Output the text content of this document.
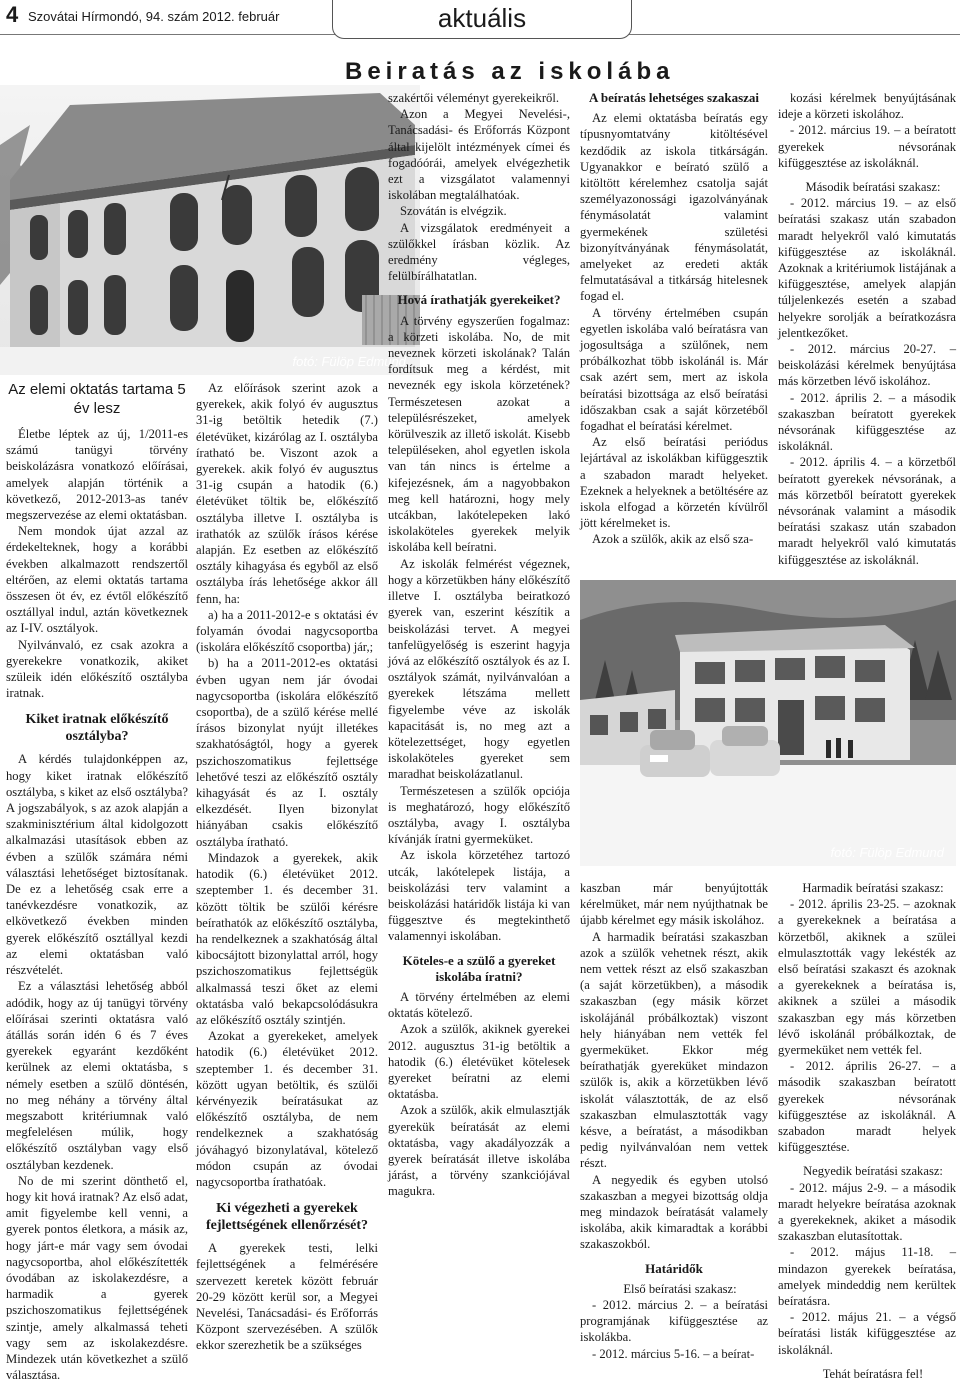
4 Szovátai Hírmondó, 94. szám 2012. február	aktuális
Beiratás az iskolába
fotó: Fülöp Edmund
Az elemi oktatás tartama 5 év lesz

Életbe léptek az új, 1/2011-es számú tanügyi törvény beiskolázásra vonatkozó előírásai, amelyek alapján történik a következő, 2012-2013-as tanév megszervezése az elemi oktatásban.

Nem mondok újat azzal az érdekelteknek, hogy a korábbi években alkalmazott rendszertől eltérően, az elemi oktatás tartama összesen öt év, ez évtől előkészítő osztállyal indul, aztán következnek az I-IV. osztályok.

Nyilvánvaló, ez csak azokra a gyerekekre vonatkozik, akiket szüleik idén előkészítő osztályba iratnak.

Kiket iratnak előkészítő osztályba?

A kérdés tulajdonképpen az, hogy kiket iratnak előkészítő osztályba, s kiket az első osztályba? A jogszabályok, s az azok alapján a szakminisztérium által kidolgozott alkalmazási utasítások ebben az évben a szülők számára némi választási lehetőséget biztosítanak. De ez a lehetőség csak erre a tanévkezdésre vonatkozik, az elkövetkező években minden gyerek előkészítő osztállyal kezdi az elemi oktatásban való részvételét.

Ez a választási lehetőség abból adódik, hogy az új tanügyi törvény előírásai szerinti oktatásra való átállás során idén 6 és 7 éves gyerekek egyaránt kezdőként kerülnek az elemi oktatásba, s némely esetben a szülő döntésén, no meg néhány a törvény által megszabott kritériumnak való megfelelésen múlik, hogy előkészítő osztályban vagy első osztályban kezdenek.

No de mi szerint dönthető el, hogy kit hová iratnak? Az első adat, amit figyelembe kell venni, a gyerek pontos életkora, a másik az, hogy járt-e már vagy sem óvodai nagycsoportba, ahol előkészítették óvodában az iskolakezdésre, a harmadik a gyerek pszichoszomatikus fejlettségének szintje, amely alkalmassá teheti vagy sem az iskolakezdésre. Mindezek után következhet a szülő választása.

Az előírások szerint azok a gyerekek, akik folyó év augusztus 31-ig betöltik hetedik (7.) életévüket, kizárólag az I. osztályba íratható be. Viszont azok a gyerekek. akik folyó év augusztus 31-ig csupán a hatodik (6.) életévüket töltik be, előkészítő osztályba illetve I. osztályba is irathatók az szülők írásos kérése alapján. Ez esetben az előkészítő osztály kihagyása és egyből az első osztályba írás lehetősége akkor áll fenn, ha:

a) ha a 2011-2012-e s oktatási év folyamán óvodai nagycsoportba (iskolára előkészítő csoportba) jár,;

b) ha a 2011-2012-es oktatási évben ugyan nem jár óvodai nagycsoportba (iskolára előkészítő csoportba), de a szülő kérése mellé írásos bizonylat nyújt illetékes szakhatóságtól, hogy a gyerek pszichoszomatikus fejlettsége lehetővé teszi az előkészítő osztály kihagyását és az I. osztály elkezdését. Ilyen bizonylat hiányában csakis előkészítő osztályba íratható.

Mindazok a gyerekek, akik hatodik (6.) életévüket 2012. szeptember 1. és december 31. között töltik be szülői kérésre beírathatók az előkészítő osztályba, ha rendelkeznek a szakhatóság által kibocsájtott bizonylattal arról, hogy pszichoszomatikus fejlettségük alkalmassá teszi őket az elemi oktatásba való bekapcsolódásukra az előkészítő osztály szintjén.

Azokat a gyerekeket, amelyek hatodik (6.) életévüket 2012. szeptember 1. és december 31. között ugyan betöltik, és szülői kérvényezik beíratásukat az előkészítő osztályba, de nem rendelkeznek a szakhatóság jóváhagyó bizonylatával, kötelező módon csupán az óvodai nagycsoportba írathatóak.

Ki végezheti a gyerekek fejlettségének ellenőrzését?

A gyerekek testi, lelki fejlettségének a felmérésére szervezett keretek között február 20-29 között kerül sor, a Megyei Nevelési, Tanácsadási- és Erőforrás Központ szervezésében. A szülők ekkor szerezhetik be a szükséges

szakértői véleményt gyerekeikről.

Azon a Megyei Nevelési-, Tanácsadási- és Erőforrás Központ által kijelölt intézmények címei és fogadóórái, amelyek elvégezhetik ezt a vizsgálatot valamennyi iskolában megtalálhatóak.

Szovátán is elvégzik.

A vizsgálatok eredményeit a szülőkkel írásban közlik. Az eredmény végleges, felülbírálhatatlan.

Hová írathatják gyerekeiket?

A törvény egyszerűen fogalmaz: a körzeti iskolába. No, de mit neveznek körzeti iskolának? Talán fordítsuk meg a kérdést, mit neveznék egy iskola körzetének? Természetesen azokat a településrészeket, amelyek körülveszik az illető iskolát. Kisebb településeken, ahol egyetlen iskola van tán nincs is értelme a kifejezésnek, ám a nagyobbakon meg kell határozni, hogy mely utcákban, lakótelepeken lakó iskolaköteles gyerekek melyik iskolába kell beíratni.

Az iskolák felmérést végeznek, hogy a körzetükben hány előkészítő illetve I. osztályba beiratkozó gyerek van, eszerint készítik a beiskolázási tervet. A megyei tanfelügyelőség is eszerint hagyja jóvá az előkészítő osztályok és az I. osztályok számát, nyilvánvalóan a gyerekek létszáma mellett figyelembe véve az iskolák kapacitását is, no meg azt a kötelezettséget, hogy egyetlen iskolaköteles gyereket sem maradhat beiskolázatlanul.

Természetesen a szülők opciója is meghatározó, hogy előkészítő osztályba, avagy I. osztályba kívánják íratni gyermeküket.

Az iskola körzetéhez tartozó utcák, lakótelepek listája, a beiskolázási terv valamint a beiskolázási határidők listája ki van függesztve és megtekinthető valamennyi iskolában.

Köteles-e a szülő a gyereket iskolába íratni?

A törvény értelmében az elemi oktatás kötelező.

Azok a szülők, akiknek gyerekei 2012. augusztus 31-ig betöltik a hatodik (6.) életévüket kötelesek gyereket beíratni az elemi oktatásba.

Azok a szülők, akik elmulasztják gyerekük beíratását az elemi oktatásba, vagy akadályozzák a gyerek beíratását illetve iskolába járást, a törvény szankciójával magukra.

A beíratás lehetséges szakaszai

Az elemi oktatásba beíratás egy típusnyomtatvány kitöltésével kezdődik az iskola titkárságán. Ugyanakkor e beírató szülő a kitöltött kérelemhez csatolja saját személyazonossági igazolványának fénymásolatát valamint gyermekének születési bizonyítványának fénymásolatát, amelyeket az eredeti akták felmutatásával a titkárság hitelesnek fogad el.

A törvény értelmében csupán egyetlen iskolába való beíratásra van jogosultsága a szülőnek, nem próbálkozhat több iskolánál is. Már csak azért sem, mert az iskola beíratási bizottsága az első beíratási időszakban csak a saját körzetéből fogadhat el beíratási kérelmet.

Az első beíratási periódus lejártával az iskolákban kifüggesztik a szabadon maradt helyeket. Ezeknek a helyeknek a betöltésére az iskola elfogad a körzetén kívülről jött kérelmeket is.

Azok a szülők, akik az első sza-

kozási kérelmek benyújtásának ideje a körzeti iskolához.

- 2012. március 19. – a beíratott gyerekek névsorának kifüggesztése az iskoláknál.

Második beíratási szakasz:

- 2012. március 19. – az első beíratási szakasz után szabadon maradt helyekről való kimutatás kifüggesztése az iskoláknál. Azoknak a kritériumok listájának a kifüggesztése, amelyek alapján túljelenkezés esetén a szabad helyekre sorolják a beíratkozásra jelentkezőket.

- 2012. március 20-27. – beiskolázási kérelmek benyújtása más körzetben lévő iskolához.

- 2012. április 2. – a második szakaszban beíratott gyerekek névsorának kifüggesztése az iskoláknál.

- 2012. április 4. – a körzetből beíratott gyerekek névsorának, a más körzetből beíratott gyerekek névsorának valamint a második beíratási szakasz után szabadon maradt helyekről való kimutatás kifüggesztése az iskoláknál.

fotó: Fülöp Edmund

kaszban már benyújtották kérelmüket, már nem nyújthatnak be újabb kérelmet egy másik iskolához.

A harmadik beíratási szakaszban azok a szülők vehetnek részt, akik nem vettek részt az első szakaszban (a saját körzetükben), a második szakaszban (egy másik körzet iskolájánál próbálkoztak) viszont hely hiányában nem vették fel gyermeküket. Ekkor még beírathatják gyereküket mindazon szülők is, akik a körzetükben lévő iskolát választották, de az első szakaszban elmulasztották vagy késve, a beíratást, a másodikban pedig nyilvánvalóan nem vettek részt.

A negyedik és egyben utolsó szakaszban a megyei bizottság oldja meg mindazok beíratását valamely iskolába, akik kimaradtak a korábbi szakaszokból.

Határidők

Első beíratási szakasz:

- 2012. március 2. – a beíratási programjának kifüggesztése az iskolákba.

- 2012. március 5-16. – a beírat-

Harmadik beíratási szakasz:

- 2012. április 23-25. – azoknak a gyerekeknek a beíratása a körzetből, akiknek a szülei elmulasztották vagy lekésték az első beíratási szakaszt és azoknak a gyerekeknek a beíratása is, akiknek a szülei a második szakaszban egy más körzetben lévő iskolánál próbálkoztak, de gyermeküket nem vették fel.

- 2012. április 26-27. – a második szakaszban beíratott gyerekek névsorának kifüggesztése az iskoláknál. A szabadon maradt helyek kifüggesztése.

Negyedik beíratási szakasz:

- 2012. május 2-9. – a második maradt helyekre beíratása azoknak a gyerekeknek, akiket a második szakaszban elutasítottak.

- 2012. május 11-18. – mindazon gyerekek beíratása, amelyek mindeddig nem kerültek beíratásra.

- 2012. május 21. – a végső beíratási listák kifüggesztése az iskoláknál.

Tehát beíratásra fel!
